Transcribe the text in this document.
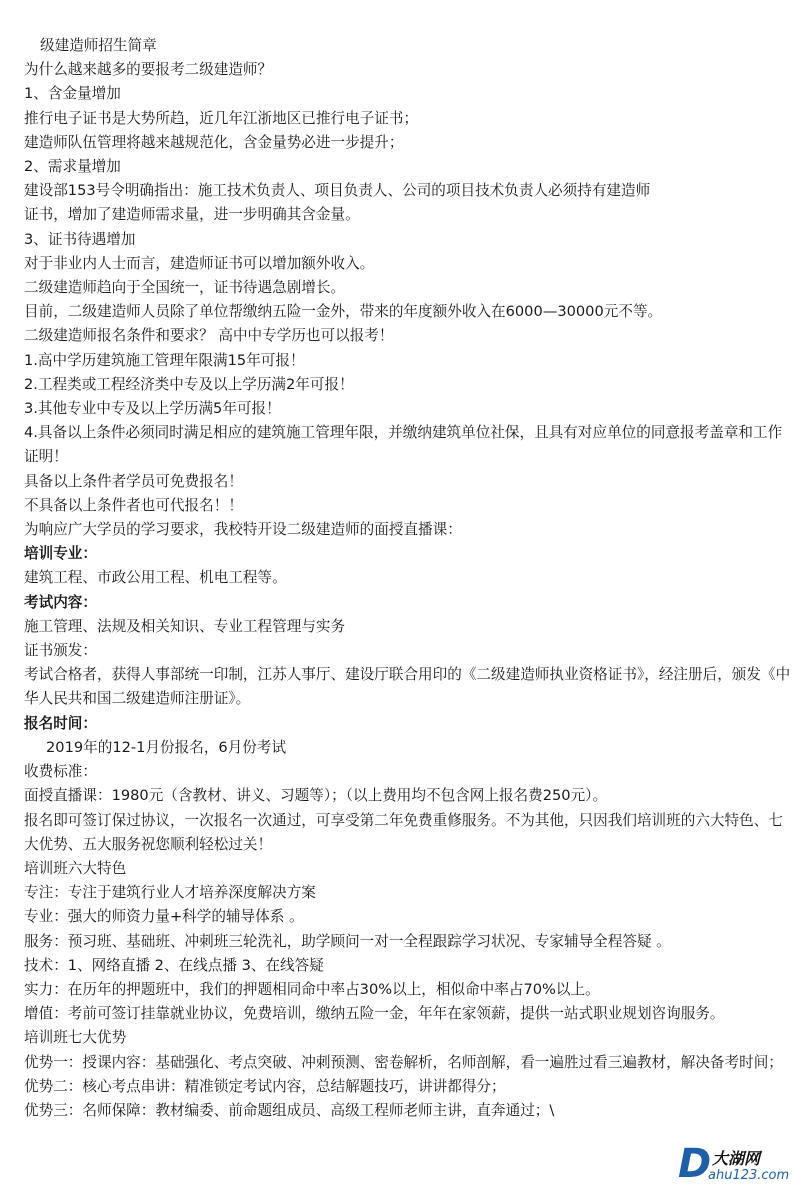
级建造师招生简章
为什么越来越多的要报考二级建造师？
1、含金量增加
推行电子证书是大势所趋，近几年江浙地区已推行电子证书；
建造师队伍管理将越来越规范化，含金量势必进一步提升；
2、需求量增加
建设部153号令明确指出：施工技术负责人、项目负责人、公司的项目技术负责人必须持有建造师
证书，增加了建造师需求量，进一步明确其含金量。
3、证书待遇增加
对于非业内人士而言，建造师证书可以增加额外收入。
二级建造师趋向于全国统一，证书待遇急剧增长。
目前，二级建造师人员除了单位帮缴纳五险一金外，带来的年度额外收入在6000—30000元不等。
二级建造师报名条件和要求？ 高中中专学历也可以报考！
1.高中学历建筑施工管理年限满15年可报！
2.工程类或工程经济类中专及以上学历满2年可报！
3.其他专业中专及以上学历满5年可报！
4.具备以上条件必须同时满足相应的建筑施工管理年限，并缴纳建筑单位社保，且具有对应单位的同意报考盖章和工作证明！
具备以上条件者学员可免费报名！
不具备以上条件者也可代报名！！
为响应广大学员的学习要求，我校特开设二级建造师的面授直播课：
培训专业：
建筑工程、市政公用工程、机电工程等。
考试内容：
施工管理、法规及相关知识、专业工程管理与实务
证书颁发：
考试合格者，获得人事部统一印制，江苏人事厅、建设厅联合用印的《二级建造师执业资格证书》，经注册后，颁发《中华人民共和国二级建造师注册证》。
报名时间：
2019年的12-1月份报名，6月份考试
收费标准：
面授直播课：1980元（含教材、讲义、习题等）；（以上费用均不包含网上报名费250元）。
报名即可签订保过协议，一次报名一次通过，可享受第二年免费重修服务。不为其他，只因我们培训班的六大特色、七大优势、五大服务祝您顺利轻松过关！
培训班六大特色
专注：专注于建筑行业人才培养深度解决方案
专业：强大的师资力量+科学的辅导体系 。
服务：预习班、基础班、冲刺班三轮洗礼，助学顾问一对一全程跟踪学习状况、专家辅导全程答疑 。
技术：1、网络直播 2、在线点播 3、在线答疑
实力：在历年的押题班中，我们的押题相同命中率占30%以上，相似命中率占70%以上。
增值：考前可签订挂靠就业协议，免费培训，缴纳五险一金，年年在家领薪，提供一站式职业规划咨询服务。
培训班七大优势
优势一：授课内容：基础强化、考点突破、冲刺预测、密卷解析，名师剖解，看一遍胜过看三遍教材，解决备考时间；
优势二：核心考点串讲：精准锁定考试内容，总结解题技巧，讲讲都得分；
优势三：名师保障：教材编委、前命题组成员、高级工程师老师主讲，直奔通过；\
D 大湖网
ahu123.com
